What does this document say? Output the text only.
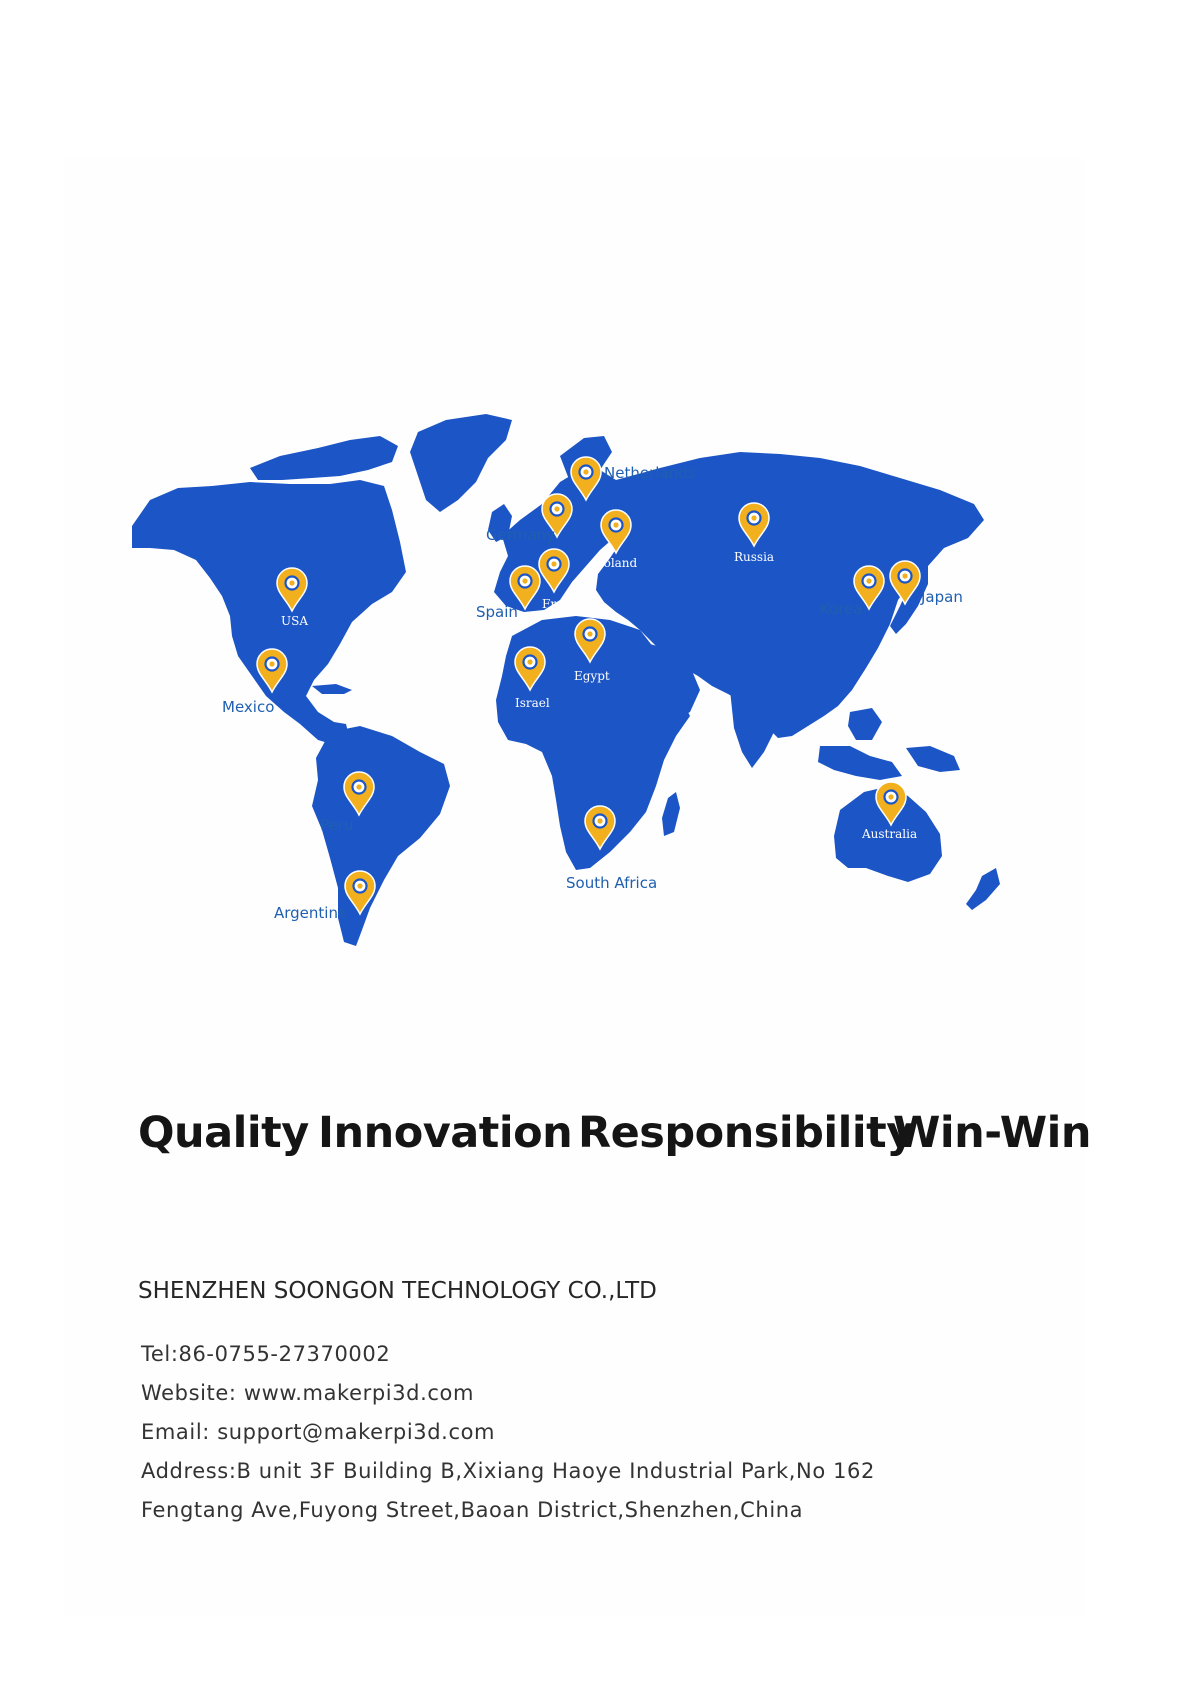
Netherlands
Germany
Poland	Russia
France
Spain
USA
Korea
Japan
Mexico
Egypt
Israel
Peru
South Africa
Australia
Argentine
Quality Innovation Responsibility
Win-Win
SHENZHEN SOONGON TECHNOLOGY CO.,LTD
Tel:86-0755-27370002
Website: www.makerpi3d.com
Email: support@makerpi3d.com
Address:B unit 3F Building B,Xixiang Haoye Industrial Park,No 162
Fengtang Ave,Fuyong Street,Baoan District,Shenzhen,China
